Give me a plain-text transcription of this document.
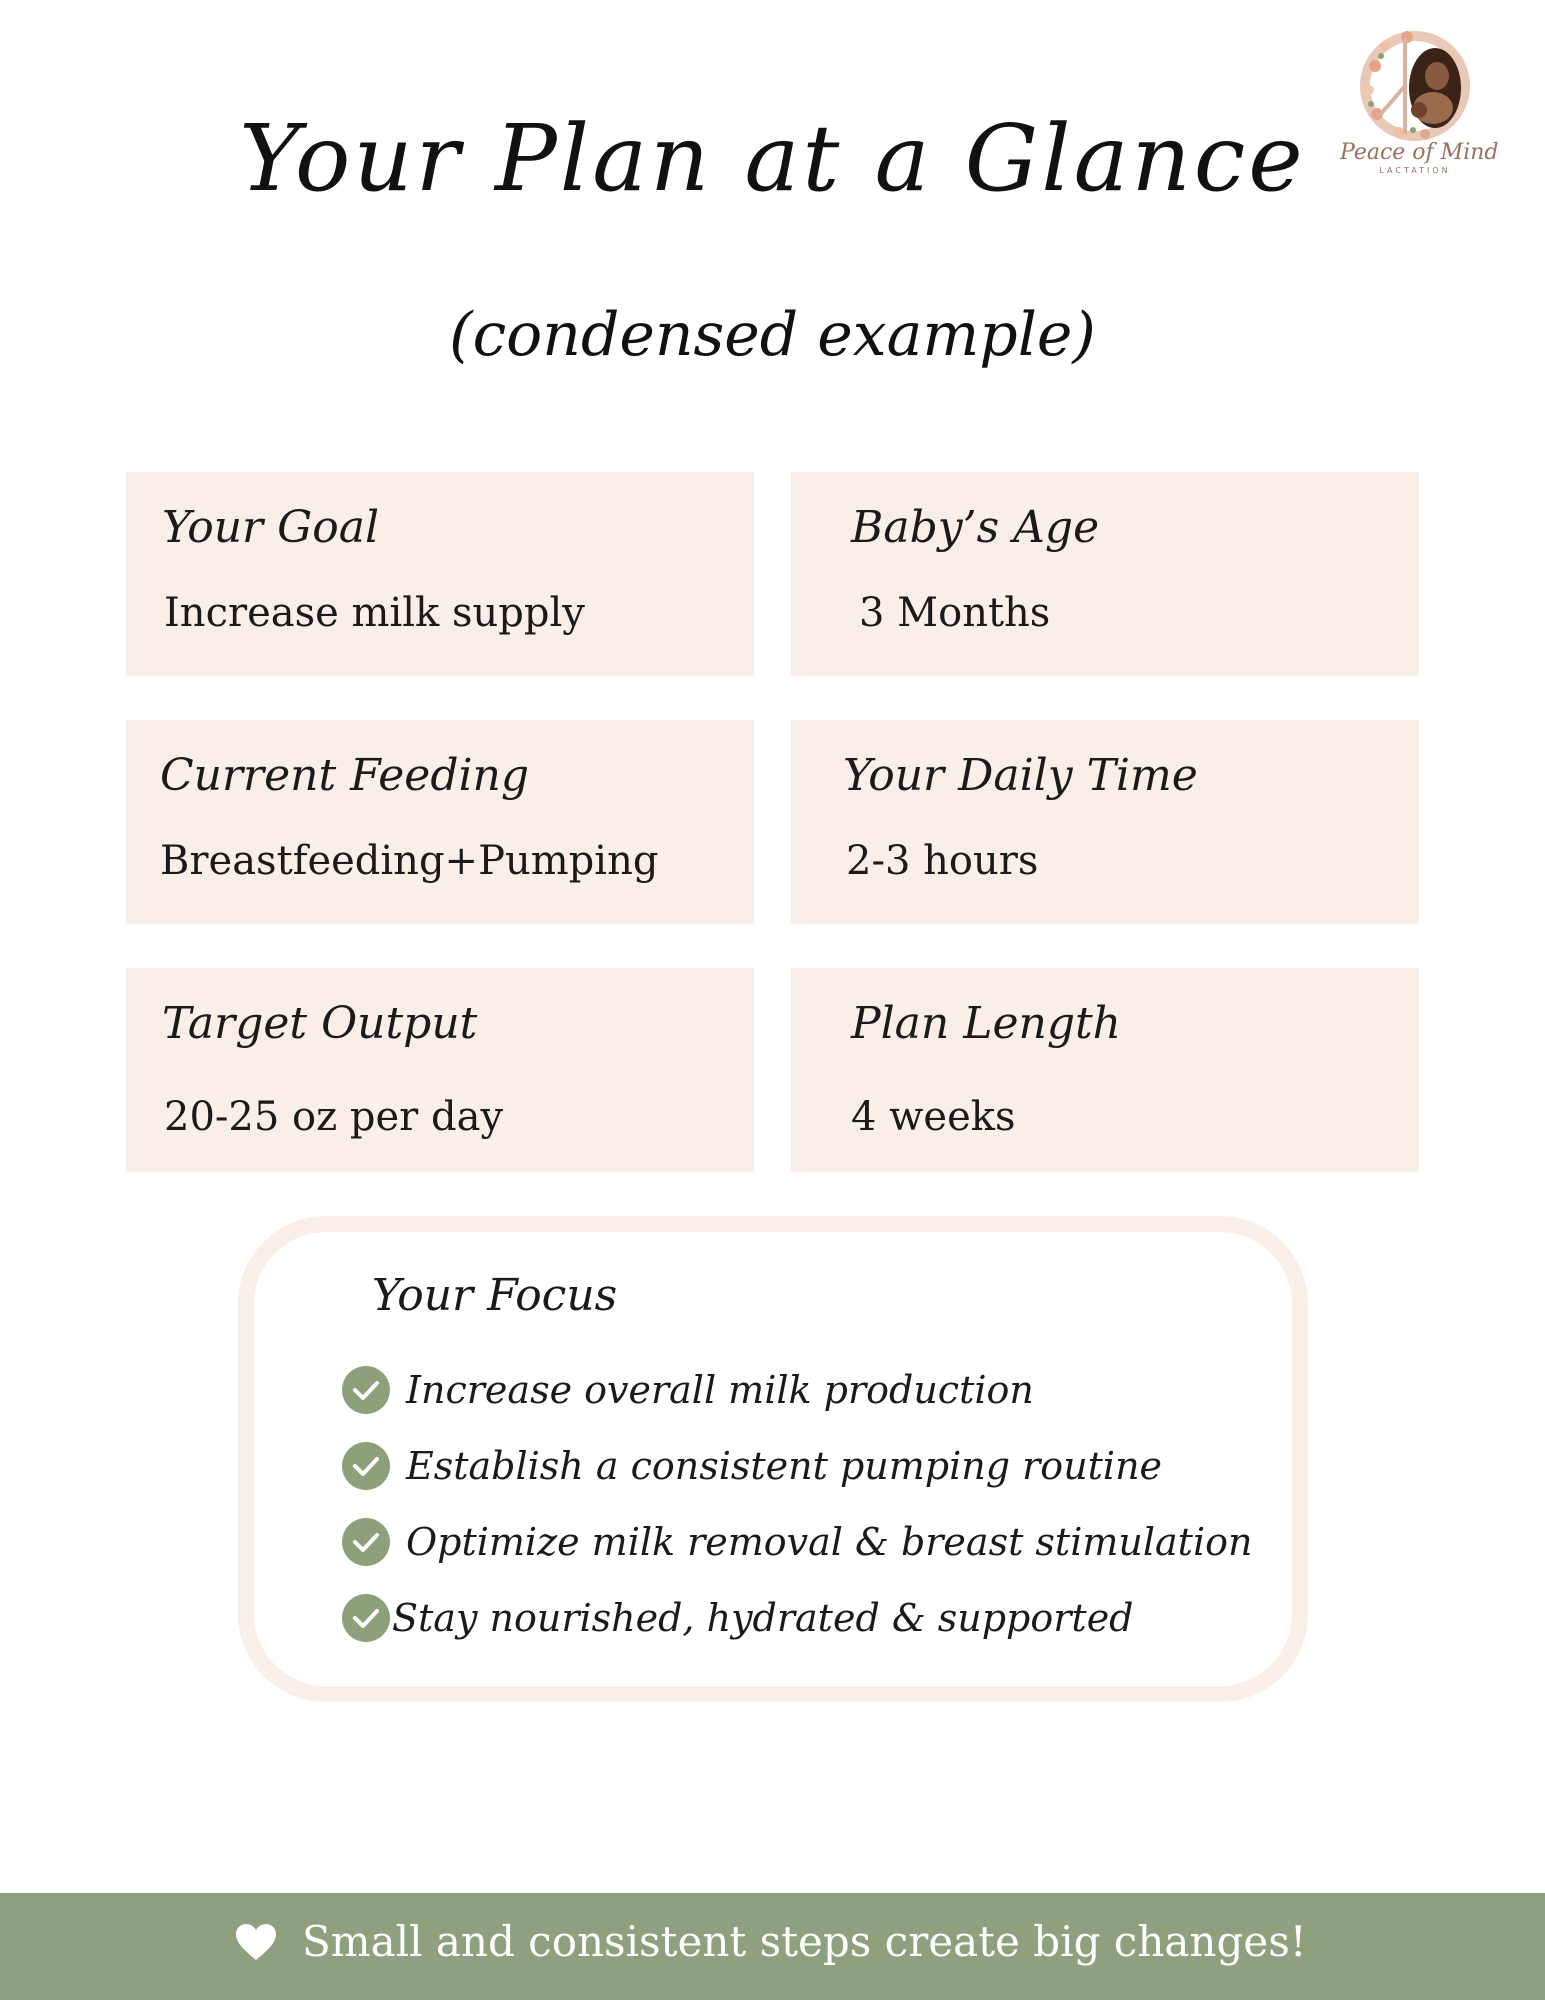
Peace of Mind
LACTATION
Your Plan at a Glance
(condensed example)
Your Goal
Increase milk supply
Baby’s Age
3 Months
Current Feeding
Breastfeeding+Pumping
Your Daily Time
2-3 hours
Target Output
20-25 oz per day
Plan Length
4 weeks
Your Focus
Increase overall milk production
Establish a consistent pumping routine
Optimize milk removal & breast stimulation
Stay nourished, hydrated & supported
Small and consistent steps create big changes!
